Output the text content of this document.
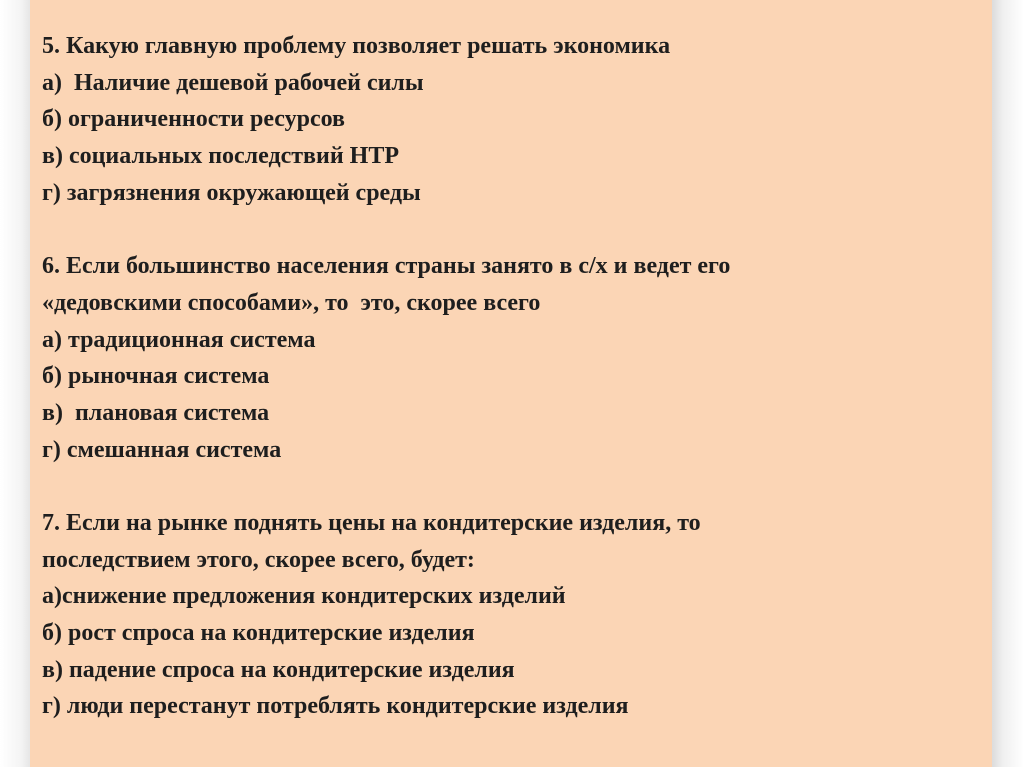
5. Какую главную проблему позволяет решать экономика
а)  Наличие дешевой рабочей силы
б) ограниченности ресурсов
в) социальных последствий НТР
г) загрязнения окружающей среды
6. Если большинство населения страны занято в с/х и ведет его
«дедовскими способами», то  это, скорее всего
а) традиционная система
б) рыночная система
в)  плановая система
г) смешанная система
7. Если на рынке поднять цены на кондитерские изделия, то
последствием этого, скорее всего, будет:
а)снижение предложения кондитерских изделий
б) рост спроса на кондитерские изделия
в) падение спроса на кондитерские изделия
г) люди перестанут потреблять кондитерские изделия
